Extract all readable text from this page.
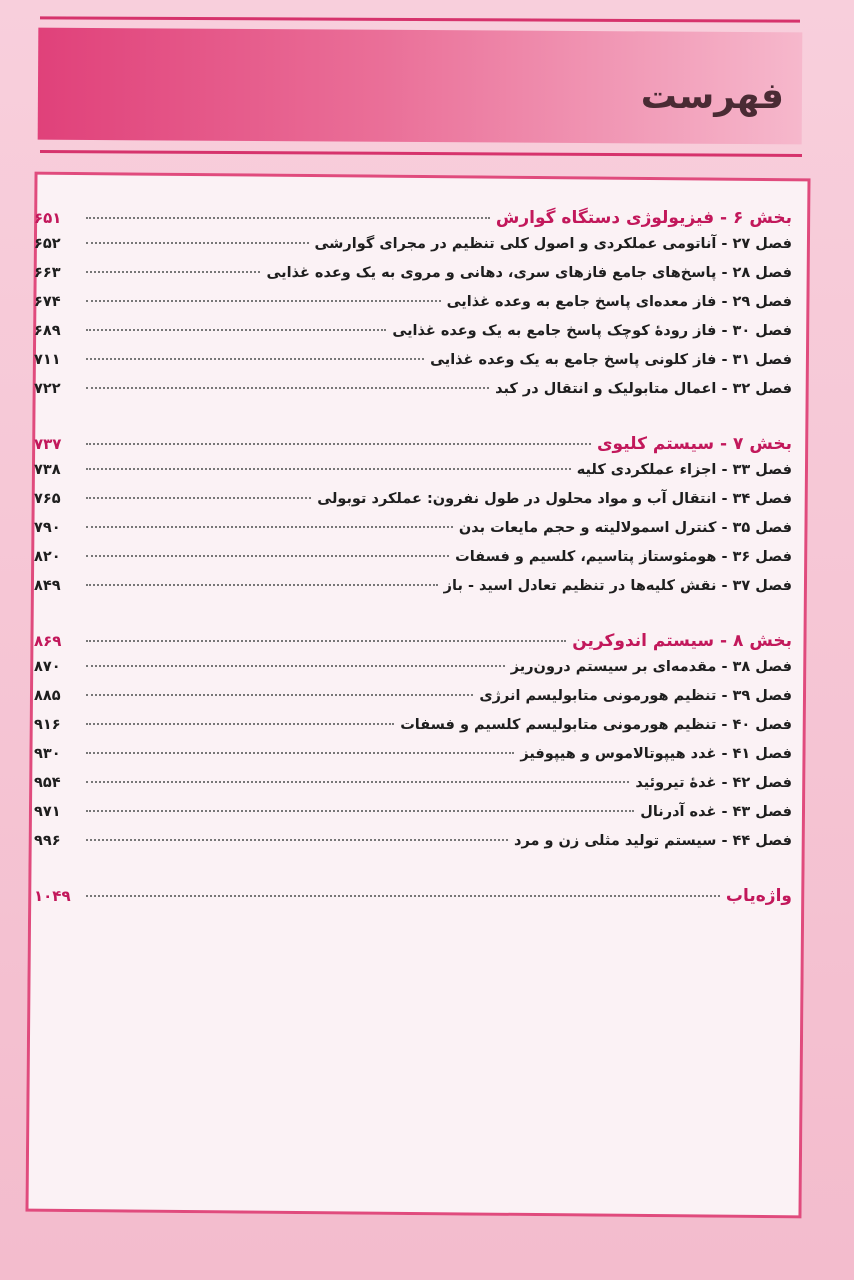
فهرست
بخش ۶ - فیزیولوژی دستگاه گوارش
۶۵۱
فصل ۲۷ - آناتومی عملکردی و اصول کلی تنظیم در مجرای گوارشی
۶۵۲
فصل ۲۸ - پاسخ‌های جامع فازهای سری، دهانی و مروی به یک وعده غذایی
۶۶۳
فصل ۲۹ - فاز معده‌ای پاسخ جامع به وعده غذایی
۶۷۴
فصل ۳۰ - فاز رودهٔ کوچک پاسخ جامع به یک وعده غذایی
۶۸۹
فصل ۳۱ - فاز کلونی پاسخ جامع به یک وعده غذایی
۷۱۱
فصل ۳۲ - اعمال متابولیک و انتقال در کبد
۷۲۲
بخش ۷ - سیستم کلیوی
۷۳۷
فصل ۳۳ - اجزاء عملکردی کلیه
۷۳۸
فصل ۳۴ - انتقال آب و مواد محلول در طول نفرون: عملکرد توبولی
۷۶۵
فصل ۳۵ - کنترل اسمولالیته و حجم مایعات بدن
۷۹۰
فصل ۳۶ - هومئوستاز پتاسیم، کلسیم و فسفات
۸۲۰
فصل ۳۷ - نقش کلیه‌ها در تنظیم تعادل اسید - باز
۸۴۹
بخش ۸ - سیستم اندوکرین
۸۶۹
فصل ۳۸ - مقدمه‌ای بر سیستم درون‌ریز
۸۷۰
فصل ۳۹ - تنظیم هورمونی متابولیسم انرژی
۸۸۵
فصل ۴۰ - تنظیم هورمونی متابولیسم کلسیم و فسفات
۹۱۶
فصل ۴۱ - غدد هیپوتالاموس و هیپوفیز
۹۳۰
فصل ۴۲ - غدهٔ تیروئید
۹۵۴
فصل ۴۳ - غده آدرنال
۹۷۱
فصل ۴۴ - سیستم تولید مثلی زن و مرد
۹۹۶
واژه‌یاب
۱۰۴۹
